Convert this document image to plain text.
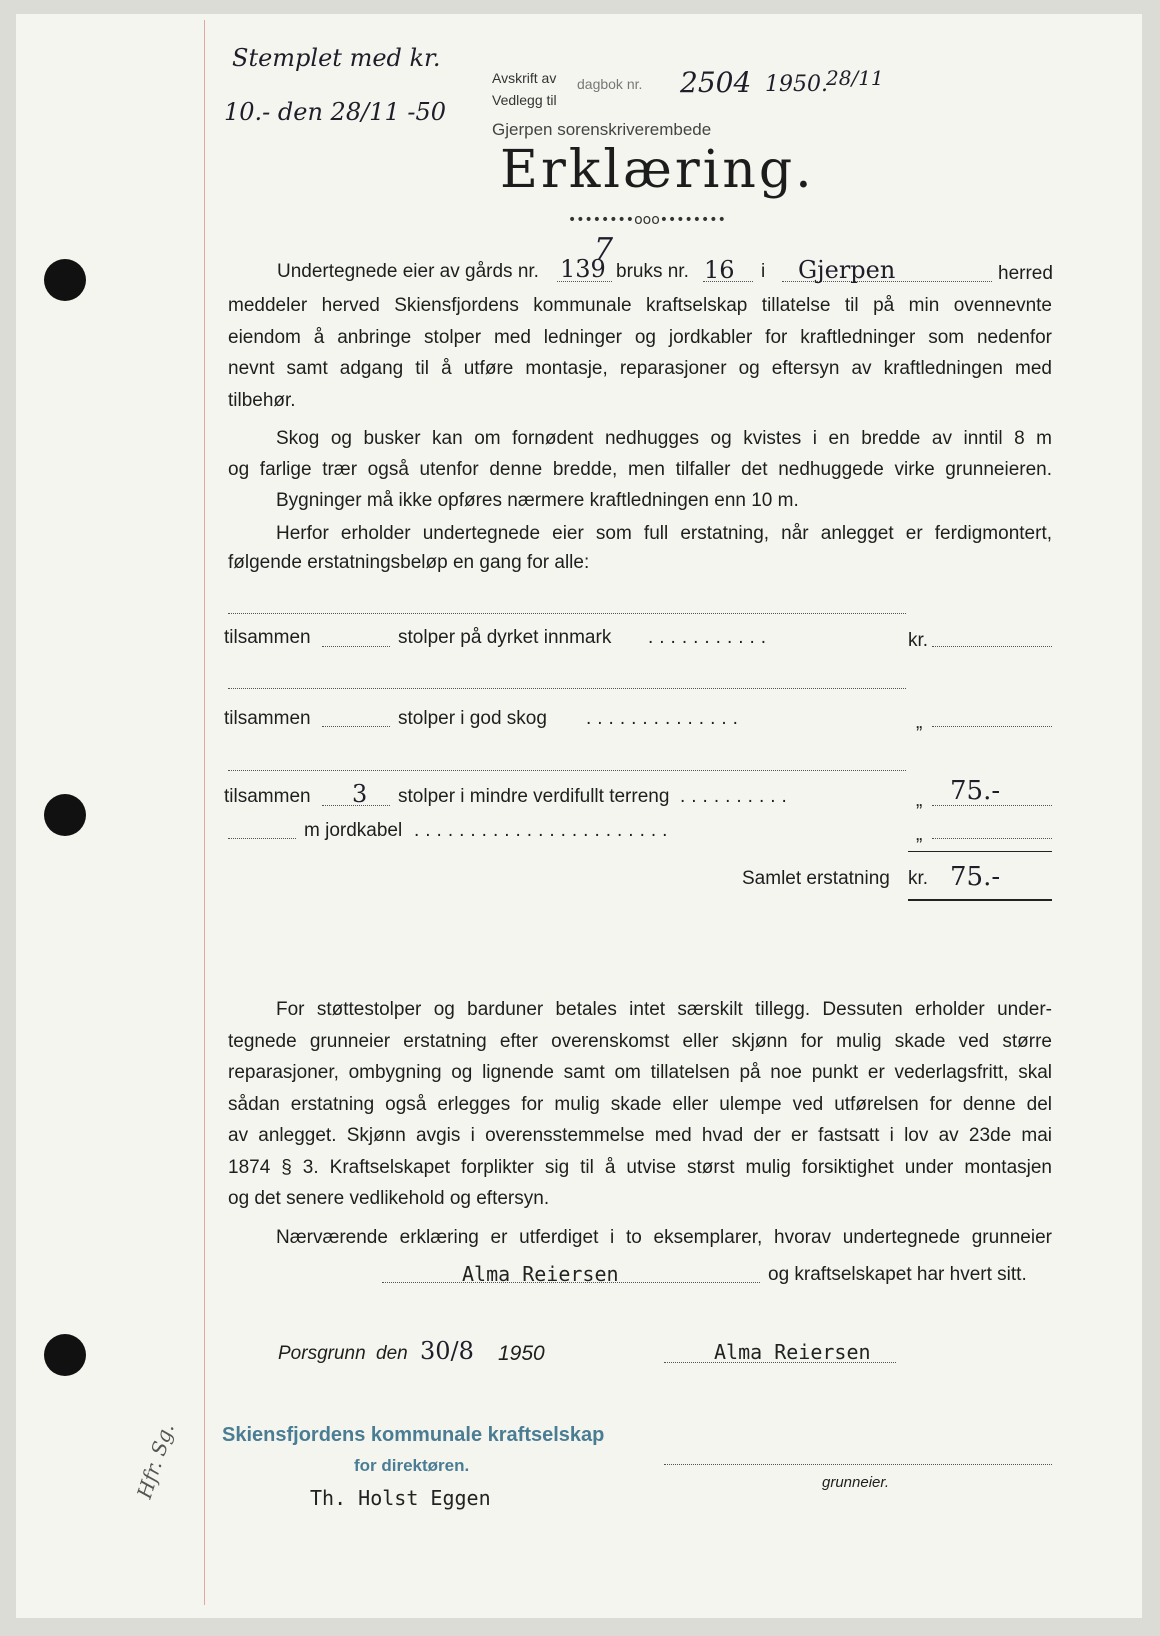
Stemplet med kr.
10.- den 28/11 -50
Avskrift av
Vedlegg til
dagbok nr. 2504 1950.
28/11
Gjerpen sorenskriverembede
Erklæring.
••••••••ooo••••••••
Undertegnede eier av gårds nr. 139
7
bruks nr. 16 i Gjerpen	herred

meddeler herved Skiensfjordens kommunale kraftselskap tillatelse til på min ovennevnte

eiendom å anbringe stolper med ledninger og jordkabler for kraftledninger som nedenfor

nevnt samt adgang til å utføre montasje, reparasjoner og eftersyn av kraftledningen med

tilbehør.

Skog og busker kan om fornødent nedhugges og kvistes i en bredde av inntil 8 m

og farlige trær også utenfor denne bredde, men tilfaller det nedhuggede virke grunneieren.

Bygninger må ikke opføres nærmere kraftledningen enn 10 m.

Herfor erholder undertegnede eier som full erstatning, når anlegget er ferdigmontert,

følgende erstatningsbeløp en gang for alle:
tilsammen	stolper på dyrket innmark ...........	kr.
tilsammen	stolper i god skog ..............	„
tilsammen 3 stolper i mindre verdifullt terreng ..........	„ 75.-
m jordkabel .......................	„
Samlet erstatning kr. 75.-

For støttestolper og barduner betales intet særskilt tillegg. Dessuten erholder under-

tegnede grunneier erstatning efter overenskomst eller skjønn for mulig skade ved større

reparasjoner, ombygning og lignende samt om tillatelsen på noe punkt er vederlagsfritt, skal

sådan erstatning også erlegges for mulig skade eller ulempe ved utførelsen for denne del

av anlegget. Skjønn avgis i overensstemmelse med hvad der er fastsatt i lov av 23de mai

1874 § 3. Kraftselskapet forplikter sig til å utvise størst mulig forsiktighet under montasjen

og det senere vedlikehold og eftersyn.

Nærværende erklæring er utferdiget i to eksemplarer, hvorav undertegnede grunneier

Alma Reiersen	og kraftselskapet har hvert sitt.
Porsgrunn den 30/8 1950	Alma Reiersen
Skiensfjordens kommunale kraftselskap
for direktøren.
Th. Holst Eggen
grunneier.
Hfr. Sg.
